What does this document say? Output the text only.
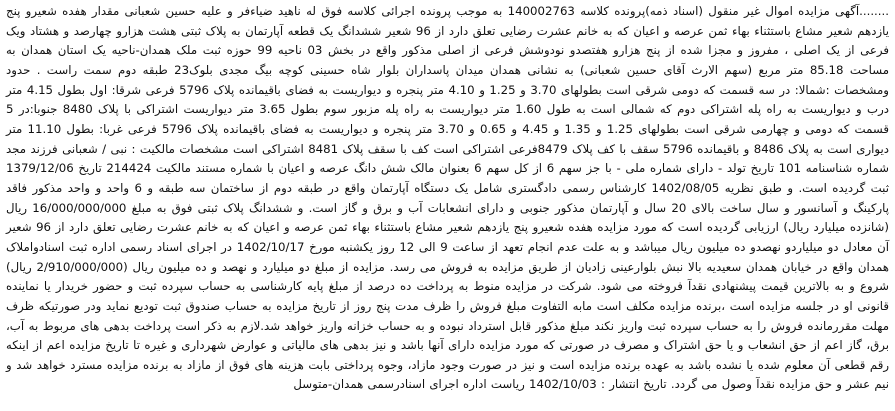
........آگهی مزایده اموال غیر منقول (اسناد ذمه)پرونده کلاسه 140002763 به موجب پرونده اجرائی کلاسه فوق له ناهید ضیاءفر و علیه حسین شعبانی مقدار هفده شعیرو پنج یازدهم شعیر مشاع باستثناء بهاء ثمن عرصه و اعیان که به خانم عشرت رضایی تعلق دارد از 96 شعیر ششدانگ یک قطعه آپارتمان به پلاک ثبتی هشت هزارو چهارصد و هشتاد ویک فرعی از یک اصلی ، مفروز و مجزا شده از پنج هزارو هفتصدو نودوشش فرعی از اصلی مذکور واقع در بخش 03 ناحیه 99 حوزه ثبت ملک همدان-ناحیه یک استان همدان به مساحت 85.18 متر مربع (سهم الارث آقای حسین شعبانی) به نشانی همدان میدان پاسداران بلوار شاه حسینی کوچه بیگ مجدی بلوک23 طبقه دوم سمت راست . حدود ومشخصات :شمالا: در سه قسمت که دومی شرقی است بطولهای 3.70 و 1.25 و 4.10 متر پنجره و دیواریست به فضای باقیمانده پلاک 5796 فرعی شرقا: اول بطول 4.15 متر درب و دیواریست به راه پله اشتراکی دوم که شمالی است به طول 1.60 متر دیواریست به راه پله مزبور سوم بطول 3.65 متر دیواریست اشتراکی با پلاک 8480 جنوبا:در 5 قسمت که دومی و چهارمی شرقی است بطولهای 1.25 و 1.35 و 4.45 و 0.65 و 3.70 متر پنجره و دیواریست به فضای باقیمانده پلاک 5796 فرعی غربا: بطول 11.10 متر دیواری است به پلاک 8486 و باقیمانده 5796 سقف با کف پلاک 8479فرعی اشتراکی است کف با سقف پلاک 8481 اشتراکی است مشخصات مالکیت : نبی / شعبانی فرزند مجد شماره شناسنامه 101 تاریخ تولد - دارای شماره ملی - با جز سهم 6 از کل سهم 6 بعنوان مالک شش دانگ عرصه و اعیان با شماره مستند مالکیت 214424 تاریخ 1379/12/06 ثبت گردیده است. و طبق نظریه 1402/08/05 کارشناس رسمی دادگستری شامل یک دستگاه آپارتمان واقع در طبقه دوم از ساختمان سه طبقه و 6 واحد و واحد مذکور فاقد پارکینگ و آسانسور و سال ساخت بالای 20 سال و آپارتمان مذکور جنوبی و دارای انشعابات آب و برق و گاز است. و ششدانگ پلاک ثبتی فوق به مبلغ 16/000/000/000 ریال (شانزده میلیارد ریال) ارزیابی گردیده است که مورد مزایده هفده شعیرو پنج یازدهم شعیر مشاع باستثناء بهاء ثمن عرصه و اعیان که به خانم عشرت رضایی تعلق دارد از 96 شعیر آن معادل دو میلیاردو نهصدو ده میلیون ریال میباشد و به علت عدم انجام تعهد از ساعت 9 الی 12 روز یکشنبه مورخ 1402/10/17 در اجرای اسناد رسمی اداره ثبت اسنادواملاک همدان واقع در خیابان همدان سعیدیه بالا نبش بلوارعینی زادیان از طریق مزایده به فروش می رسد. مزایده از مبلغ دو میلیارد و نهصد و ده میلیون ریال (2/910/000/000 ریال) شروع و به بالاترین قیمت پیشنهادی نقدآ فروخته می شود. شرکت در مزایده منوط به پرداخت ده درصد از مبلغ پایه کارشناسی به حساب سپرده ثبت و حضور خریدار یا نماینده قانونی او در جلسه مزایده است ،برنده مزایده مکلف است مابه التفاوت مبلغ فروش را ظرف مدت پنج روز از تاریخ مزایده به حساب صندوق ثبت تودیع نماید ودر صورتیکه ظرف مهلت مقررمانده فروش را به حساب سپرده ثبت واریز نکند مبلغ مذکور قابل استرداد نبوده و به حساب خزانه واریز خواهد شد.لازم به ذکر است پرداخت بدهی های مربوط به آب، برق، گاز اعم از حق انشعاب و یا حق اشتراک و مصرف در صورتی که مورد مزایده دارای آنها باشد و نیز بدهی های مالیاتی و عوارض شهرداری و غیره تا تاریخ مزایده اعم از اینکه رقم قطعی آن معلوم شده یا نشده باشد به عهده برنده مزایده است و نیز در صورت وجود مازاد، وجوه پرداختی بابت هزینه های فوق از مازاد به برنده مزایده مسترد خواهد شد و نیم عشر و حق مزایده نقدآ وصول می گردد. تاریخ انتشار : 1402/10/03 ریاست اداره اجرای اسنادرسمی همدان-متوسل
